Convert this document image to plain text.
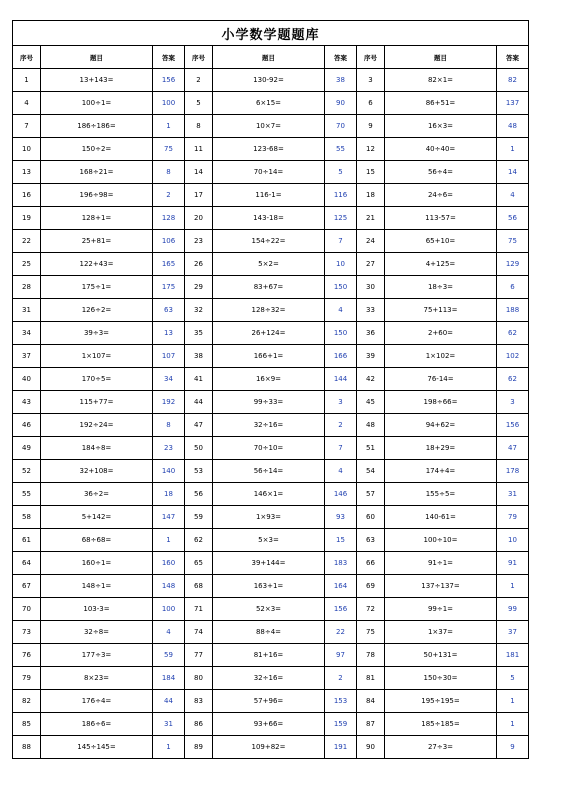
小学数学题题库								
序号	题目	答案	序号	题目	答案	序号	题目	答案
1	13+143=	156	2	130-92=	38	3	82×1=	82
4	100÷1=	100	5	6×15=	90	6	86+51=	137
7	186÷186=	1	8	10×7=	70	9	16×3=	48
10	150÷2=	75	11	123-68=	55	12	40÷40=	1
13	168÷21=	8	14	70÷14=	5	15	56÷4=	14
16	196÷98=	2	17	116-1=	116	18	24÷6=	4
19	128+1=	128	20	143-18=	125	21	113-57=	56
22	25+81=	106	23	154÷22=	7	24	65+10=	75
25	122+43=	165	26	5×2=	10	27	4+125=	129
28	175÷1=	175	29	83+67=	150	30	18÷3=	6
31	126÷2=	63	32	128÷32=	4	33	75+113=	188
34	39÷3=	13	35	26+124=	150	36	2+60=	62
37	1×107=	107	38	166+1=	166	39	1×102=	102
40	170÷5=	34	41	16×9=	144	42	76-14=	62
43	115+77=	192	44	99÷33=	3	45	198÷66=	3
46	192÷24=	8	47	32÷16=	2	48	94+62=	156
49	184÷8=	23	50	70÷10=	7	51	18+29=	47
52	32+108=	140	53	56÷14=	4	54	174+4=	178
55	36÷2=	18	56	146×1=	146	57	155÷5=	31
58	5+142=	147	59	1×93=	93	60	140-61=	79
61	68÷68=	1	62	5×3=	15	63	100÷10=	10
64	160÷1=	160	65	39+144=	183	66	91÷1=	91
67	148÷1=	148	68	163+1=	164	69	137÷137=	1
70	103-3=	100	71	52×3=	156	72	99÷1=	99
73	32÷8=	4	74	88÷4=	22	75	1×37=	37
76	177÷3=	59	77	81+16=	97	78	50+131=	181
79	8×23=	184	80	32÷16=	2	81	150÷30=	5
82	176÷4=	44	83	57+96=	153	84	195÷195=	1
85	186÷6=	31	86	93+66=	159	87	185÷185=	1
88	145÷145=	1	89	109+82=	191	90	27÷3=	9
